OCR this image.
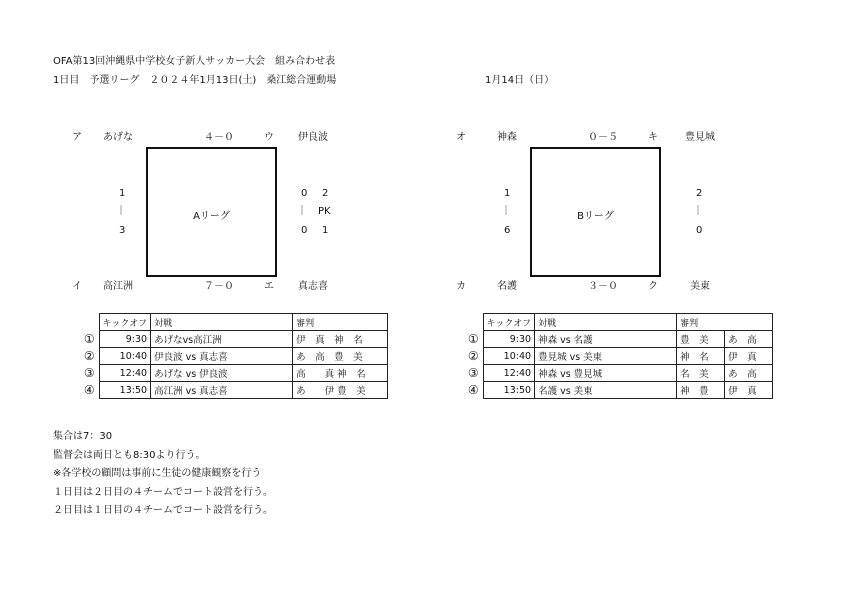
OFA第13回沖縄県中学校女子新人サッカー大会　組み合わせ表
1日目　予選リーグ　２０２４年1月13日(土)　桑江総合運動場	1月14日（日）
ア あげな	４－０	ウ 伊良波
Aリーグ
1
｜
3
0
｜
0
2
PK
1
イ 高江洲	７－０	エ 真志喜
オ	神森	０－５	キ	豊見城
Bリーグ
1
｜
6
2
｜
0
カ	名護	３－０	ク	美東
	キックオフ	対戦	審判
①	9:30	あげなvs高江洲	伊　真　神　名
②	10:40	伊良波 vs 真志喜	あ　高　豊　美
③	12:40	あげな vs 伊良波	高　　真 神　名
④	13:50	高江洲 vs 真志喜	あ　　伊 豊　美
	キックオフ	対戦	審判	
①	9:30	神森 vs 名護	豊　美	あ　高
②	10:40	豊見城 vs 美東	神　名	伊　真
③	12:40	神森 vs 豊見城	名　美	あ　高
④	13:50	名護 vs 美東	神　豊	伊　真
集合は7：30
監督会は両日とも8:30より行う。
※各学校の顧問は事前に生徒の健康観察を行う
１日目は２日目の４チームでコート設営を行う。
２日目は１日目の４チームでコート設営を行う。
